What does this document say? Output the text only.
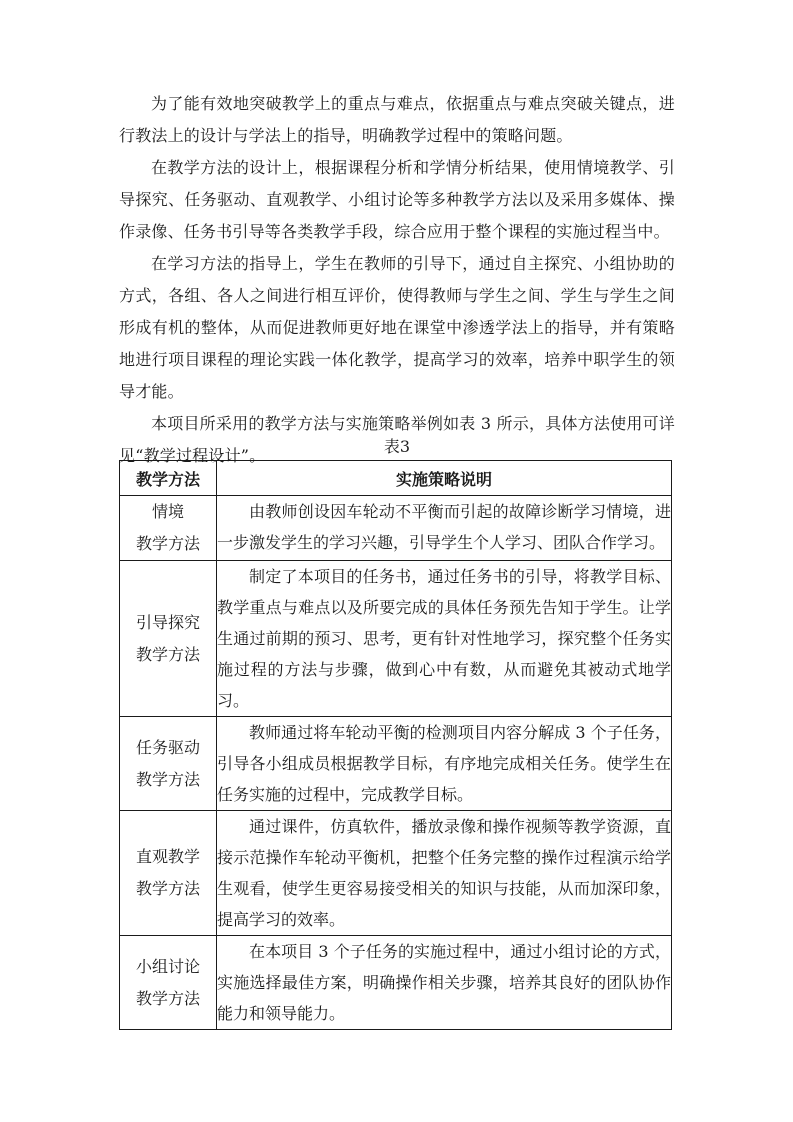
为了能有效地突破教学上的重点与难点，依据重点与难点突破关键点，进行教法上的设计与学法上的指导，明确教学过程中的策略问题。

在教学方法的设计上，根据课程分析和学情分析结果，使用情境教学、引导探究、任务驱动、直观教学、小组讨论等多种教学方法以及采用多媒体、操作录像、任务书引导等各类教学手段，综合应用于整个课程的实施过程当中。

在学习方法的指导上，学生在教师的引导下，通过自主探究、小组协助的方式，各组、各人之间进行相互评价，使得教师与学生之间、学生与学生之间形成有机的整体，从而促进教师更好地在课堂中渗透学法上的指导，并有策略地进行项目课程的理论实践一体化教学，提高学习的效率，培养中职学生的领导才能。

本项目所采用的教学方法与实施策略举例如表 3 所示，具体方法使用可详见“教学过程设计”。	表3
教学方法	实施策略说明

情境
教学方法	由教师创设因车轮动不平衡而引起的故障诊断学习情境，进一步激发学生的学习兴趣，引导学生个人学习、团队合作学习。

引导探究
教学方法	制定了本项目的任务书，通过任务书的引导，将教学目标、教学重点与难点以及所要完成的具体任务预先告知于学生。让学生通过前期的预习、思考，更有针对性地学习，探究整个任务实施过程的方法与步骤，做到心中有数，从而避免其被动式地学习。

任务驱动
教学方法	教师通过将车轮动平衡的检测项目内容分解成 3 个子任务，引导各小组成员根据教学目标，有序地完成相关任务。使学生在任务实施的过程中，完成教学目标。

直观教学
教学方法	通过课件，仿真软件，播放录像和操作视频等教学资源，直接示范操作车轮动平衡机，把整个任务完整的操作过程演示给学生观看，使学生更容易接受相关的知识与技能，从而加深印象，提高学习的效率。

小组讨论
教学方法	在本项目 3 个子任务的实施过程中，通过小组讨论的方式，实施选择最佳方案，明确操作相关步骤，培养其良好的团队协作能力和领导能力。
